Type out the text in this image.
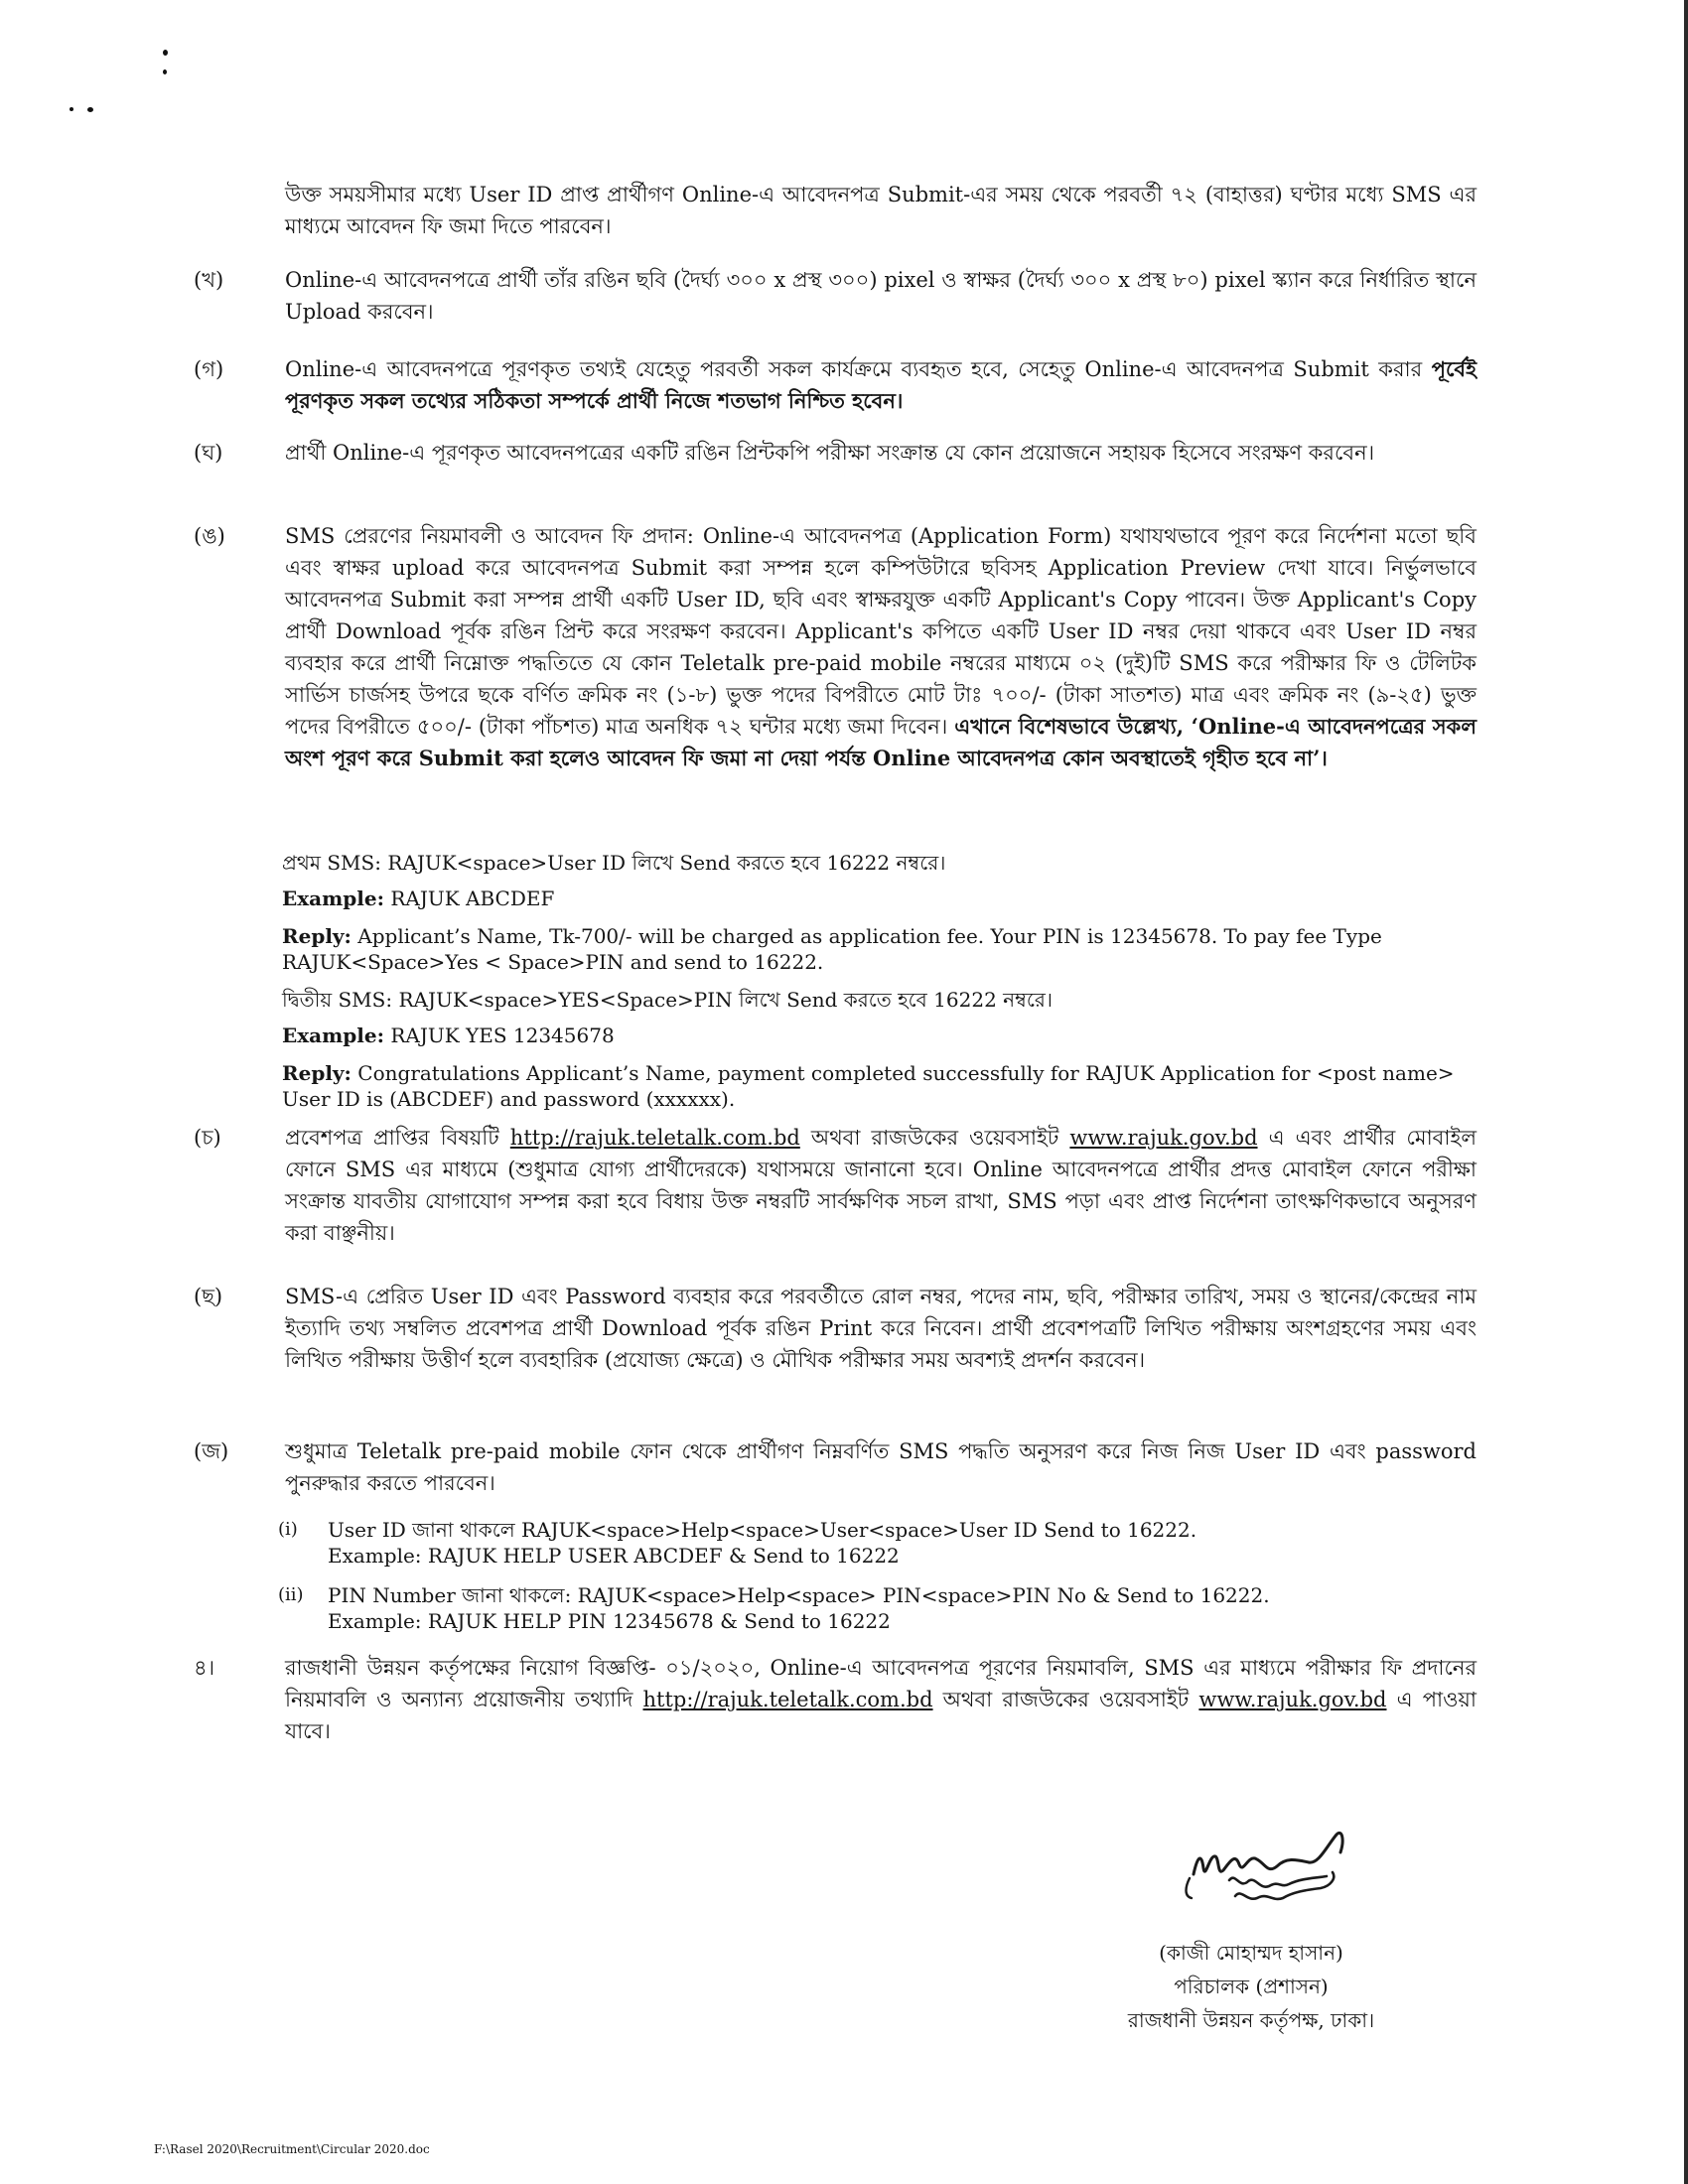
উক্ত সময়সীমার মধ্যে User ID প্রাপ্ত প্রার্থীগণ Online-এ আবেদনপত্র Submit-এর সময় থেকে পরবর্তী ৭২ (বাহাত্তর) ঘণ্টার মধ্যে SMS এর মাধ্যমে আবেদন ফি জমা দিতে পারবেন।
(খ)	Online-এ আবেদনপত্রে প্রার্থী তাঁর রঙিন ছবি (দৈর্ঘ্য ৩০০ x প্রস্থ ৩০০) pixel ও স্বাক্ষর (দৈর্ঘ্য ৩০০ x প্রস্থ ৮০) pixel স্ক্যান করে নির্ধারিত স্থানে Upload করবেন।
(গ)	Online-এ আবেদনপত্রে পূরণকৃত তথ্যই যেহেতু পরবর্তী সকল কার্যক্রমে ব্যবহৃত হবে, সেহেতু Online-এ আবেদনপত্র Submit করার পূর্বেই পূরণকৃত সকল তথ্যের সঠিকতা সম্পর্কে প্রার্থী নিজে শতভাগ নিশ্চিত হবেন।
(ঘ)	প্রার্থী Online-এ পূরণকৃত আবেদনপত্রের একটি রঙিন প্রিন্টকপি পরীক্ষা সংক্রান্ত যে কোন প্রয়োজনে সহায়ক হিসেবে সংরক্ষণ করবেন।
(ঙ)	SMS প্রেরণের নিয়মাবলী ও আবেদন ফি প্রদান: Online-এ আবেদনপত্র (Application Form) যথাযথভাবে পূরণ করে নির্দেশনা মতো ছবি এবং স্বাক্ষর upload করে আবেদনপত্র Submit করা সম্পন্ন হলে কম্পিউটারে ছবিসহ Application Preview দেখা যাবে। নির্ভুলভাবে আবেদনপত্র Submit করা সম্পন্ন প্রার্থী একটি User ID, ছবি এবং স্বাক্ষরযুক্ত একটি Applicant's Copy পাবেন। উক্ত Applicant's Copy প্রার্থী Download পূর্বক রঙিন প্রিন্ট করে সংরক্ষণ করবেন। Applicant's কপিতে একটি User ID নম্বর দেয়া থাকবে এবং User ID নম্বর ব্যবহার করে প্রার্থী নিম্নোক্ত পদ্ধতিতে যে কোন Teletalk pre-paid mobile নম্বরের মাধ্যমে ০২ (দুই)টি SMS করে পরীক্ষার ফি ও টেলিটক সার্ভিস চার্জসহ উপরে ছকে বর্ণিত ক্রমিক নং (১-৮) ভুক্ত পদের বিপরীতে মোট টাঃ ৭০০/- (টাকা সাতশত) মাত্র এবং ক্রমিক নং (৯-২৫) ভুক্ত পদের বিপরীতে ৫০০/- (টাকা পাঁচশত) মাত্র অনধিক ৭২ ঘন্টার মধ্যে জমা দিবেন। এখানে বিশেষভাবে উল্লেখ্য, ‘Online-এ আবেদনপত্রের সকল অংশ পূরণ করে Submit করা হলেও আবেদন ফি জমা না দেয়া পর্যন্ত Online আবেদনপত্র কোন অবস্থাতেই গৃহীত হবে না’।
প্রথম SMS: RAJUK<space>User ID লিখে Send করতে হবে 16222 নম্বরে।
Example: RAJUK ABCDEF
Reply: Applicant’s Name, Tk-700/- will be charged as application fee. Your PIN is 12345678. To pay fee Type RAJUK<Space>Yes < Space>PIN and send to 16222.
দ্বিতীয় SMS: RAJUK<space>YES<Space>PIN লিখে Send করতে হবে 16222 নম্বরে।
Example: RAJUK YES 12345678
Reply: Congratulations Applicant’s Name, payment completed successfully for RAJUK Application for <post name> User ID is (ABCDEF) and password (xxxxxx).
(চ)	প্রবেশপত্র প্রাপ্তির বিষয়টি http://rajuk.teletalk.com.bd অথবা রাজউকের ওয়েবসাইট www.rajuk.gov.bd এ এবং প্রার্থীর মোবাইল ফোনে SMS এর মাধ্যমে (শুধুমাত্র যোগ্য প্রার্থীদেরকে) যথাসময়ে জানানো হবে। Online আবেদনপত্রে প্রার্থীর প্রদত্ত মোবাইল ফোনে পরীক্ষা সংক্রান্ত যাবতীয় যোগাযোগ সম্পন্ন করা হবে বিধায় উক্ত নম্বরটি সার্বক্ষণিক সচল রাখা, SMS পড়া এবং প্রাপ্ত নির্দেশনা তাৎক্ষণিকভাবে অনুসরণ করা বাঞ্ছনীয়।
(ছ)	SMS-এ প্রেরিত User ID এবং Password ব্যবহার করে পরবর্তীতে রোল নম্বর, পদের নাম, ছবি, পরীক্ষার তারিখ, সময় ও স্থানের/কেন্দ্রের নাম ইত্যাদি তথ্য সম্বলিত প্রবেশপত্র প্রার্থী Download পূর্বক রঙিন Print করে নিবেন। প্রার্থী প্রবেশপত্রটি লিখিত পরীক্ষায় অংশগ্রহণের সময় এবং লিখিত পরীক্ষায় উত্তীর্ণ হলে ব্যবহারিক (প্রযোজ্য ক্ষেত্রে) ও মৌখিক পরীক্ষার সময় অবশ্যই প্রদর্শন করবেন।
(জ)	শুধুমাত্র Teletalk pre-paid mobile ফোন থেকে প্রার্থীগণ নিম্নবর্ণিত SMS পদ্ধতি অনুসরণ করে নিজ নিজ User ID এবং password পুনরুদ্ধার করতে পারবেন।
(i) User ID জানা থাকলে RAJUK<space>Help<space>User<space>User ID Send to 16222.
Example: RAJUK HELP USER ABCDEF & Send to 16222
(ii) PIN Number জানা থাকলে: RAJUK<space>Help<space> PIN<space>PIN No & Send to 16222.
Example: RAJUK HELP PIN 12345678 & Send to 16222
৪।	রাজধানী উন্নয়ন কর্তৃপক্ষের নিয়োগ বিজ্ঞপ্তি- ০১/২০২০, Online-এ আবেদনপত্র পূরণের নিয়মাবলি, SMS এর মাধ্যমে পরীক্ষার ফি প্রদানের নিয়মাবলি ও অন্যান্য প্রয়োজনীয় তথ্যাদি http://rajuk.teletalk.com.bd অথবা রাজউকের ওয়েবসাইট www.rajuk.gov.bd এ পাওয়া যাবে।
(কাজী মোহাম্মদ হাসান)
পরিচালক (প্রশাসন)
রাজধানী উন্নয়ন কর্তৃপক্ষ, ঢাকা।
F:\Rasel 2020\Recruitment\Circular 2020.doc
